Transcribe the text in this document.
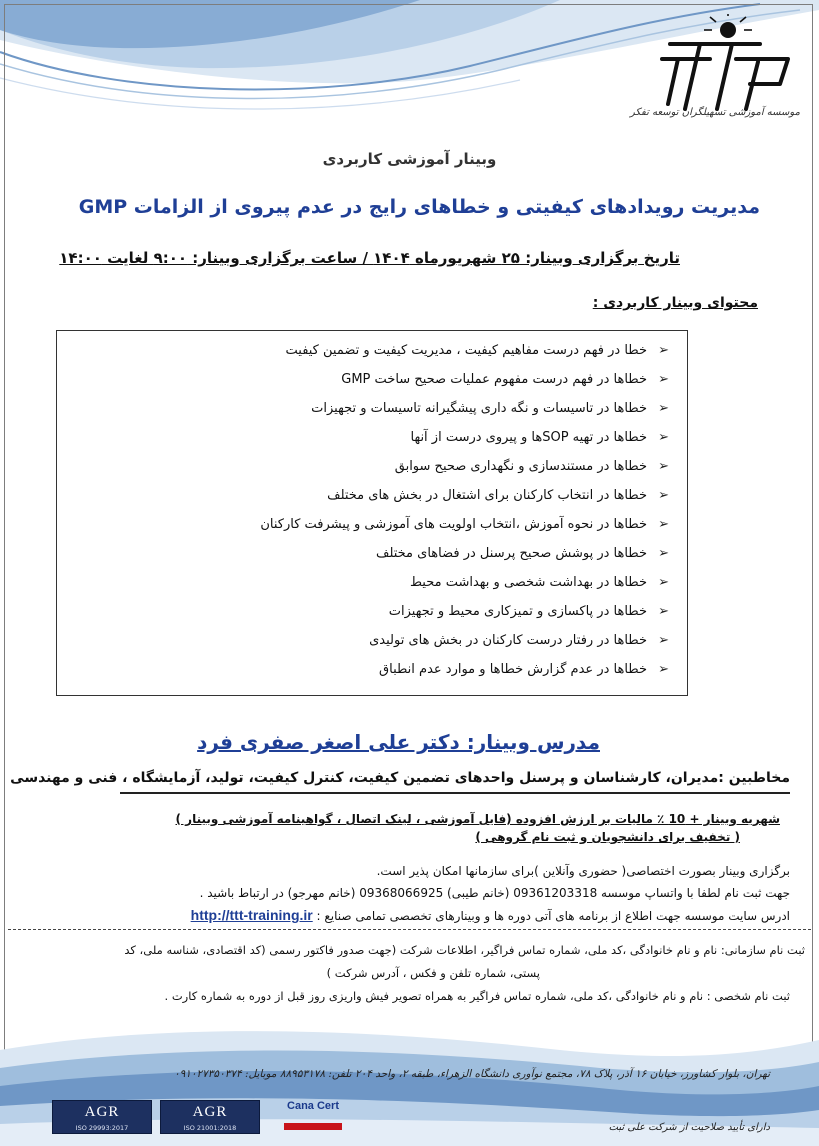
موسسه آموزشی تسهیلگران توسعه تفکر
وبینار آموزشی کاربردی
مدیریت رویدادهای کیفیتی و خطاهای رایج در عدم پیروی از الزامات GMP
تاریخ برگزاری وبینار: ۲۵ شهریورماه ۱۴۰۴ / ساعت برگزاری وبینار: ۹:۰۰ لغایت ۱۴:۰۰
محتوای وبینار کاربردی :
➢خطا در فهم درست مفاهیم کیفیت ، مدیریت کیفیت و تضمین کیفیت
➢خطاها در فهم درست مفهوم عملیات صحیح ساخت GMP
➢خطاها در تاسیسات و نگه داری پیشگیرانه تاسیسات و تجهیزات
➢خطاها در تهیه SOPها و پیروی درست از آنها
➢خطاها در مستندسازی و نگهداری صحیح سوابق
➢خطاها در انتخاب کارکنان برای اشتغال در بخش های مختلف
➢خطاها در نحوه آموزش ،انتخاب اولویت های آموزشی و پیشرفت کارکنان
➢خطاها در پوشش صحیح پرسنل در فضاهای مختلف
➢خطاها در بهداشت شخصی و بهداشت محیط
➢خطاها در پاکسازی و تمیزکاری محیط و تجهیزات
➢خطاها در رفتار درست کارکنان در بخش های تولیدی
➢خطاها در عدم گزارش خطاها و موارد عدم انطباق
مدرس وبینار: دکتر علی اصغر صفری فرد
مخاطبین :مدیران، کارشناسان و پرسنل واحدهای تضمین کیفیت، کنترل کیفیت، تولید، آزمایشگاه ، فنی و مهندسی
شهریه وبینار + 10 ٪ مالیات بر ارزش افزوده (فایل آموزشی ، لینک اتصال ، گواهینامه آموزشی وبینار )
( تخفیف برای دانشجویان و ثبت نام گروهی )
برگزاری وبینار بصورت اختصاصی( حضوری وآنلاین )برای سازمانها امکان پذیر است.
جهت ثبت نام لطفا با واتساپ موسسه 09361203318 (خانم طیبی) 09368066925 (خانم مهرجو) در ارتباط باشید .
ادرس سایت موسسه جهت اطلاع از برنامه های آتی دوره ها و وبینارهای تخصصی تمامی صنایع : http://ttt-training.ir
ثبت نام سازمانی: نام و نام خانوادگی ،کد ملی، شماره تماس فراگیر، اطلاعات شرکت (جهت صدور فاکتور رسمی (کد اقتصادی، شناسه ملی، کد
پستی، شماره تلفن و فکس ، آدرس شرکت )
ثبت نام شخصی : نام و نام خانوادگی ،کد ملی، شماره تماس فراگیر به همراه تصویر فیش واریزی روز قبل از دوره به شماره کارت .
تهران، بلوار کشاورز، خیابان ۱۶ آذر، پلاک ۷۸، مجتمع نوآوری دانشگاه الزهراء، طبقه ۲، واحد ۲۰۴ تلفن: ۸۸۹۵۳۱۷۸ موبایل: ۰۹۱۰۲۷۳۵۰۳۷۴
AGR
ISO 29993:2017
AGR
ISO 21001:2018
Cana Cert
دارای تأیید صلاحیت از شرکت علی ثبت
